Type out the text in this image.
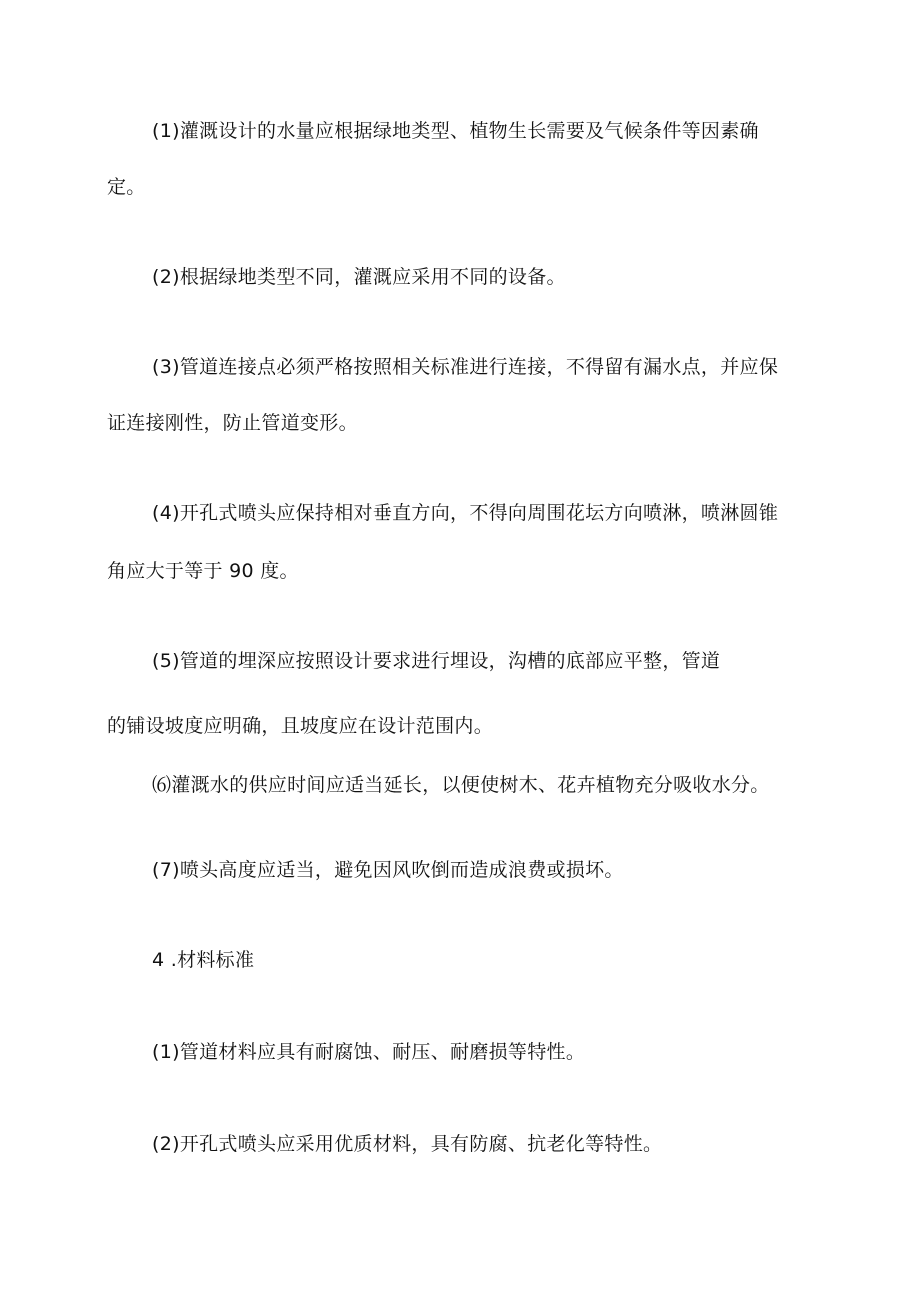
(1)灌溉设计的水量应根据绿地类型、植物生长需要及气候条件等因素确
定。
(2)根据绿地类型不同，灌溉应采用不同的设备。
(3)管道连接点必须严格按照相关标准进行连接，不得留有漏水点，并应保
证连接刚性，防止管道变形。
(4)开孔式喷头应保持相对垂直方向，不得向周围花坛方向喷淋，喷淋圆锥
角应大于等于 90 度。
(5)管道的埋深应按照设计要求进行埋设，沟槽的底部应平整，管道
的铺设坡度应明确，且坡度应在设计范围内。
⑹灌溉水的供应时间应适当延长，以便使树木、花卉植物充分吸收水分。
(7)喷头高度应适当，避免因风吹倒而造成浪费或损坏。
4 .材料标准
(1)管道材料应具有耐腐蚀、耐压、耐磨损等特性。
(2)开孔式喷头应采用优质材料，具有防腐、抗老化等特性。
